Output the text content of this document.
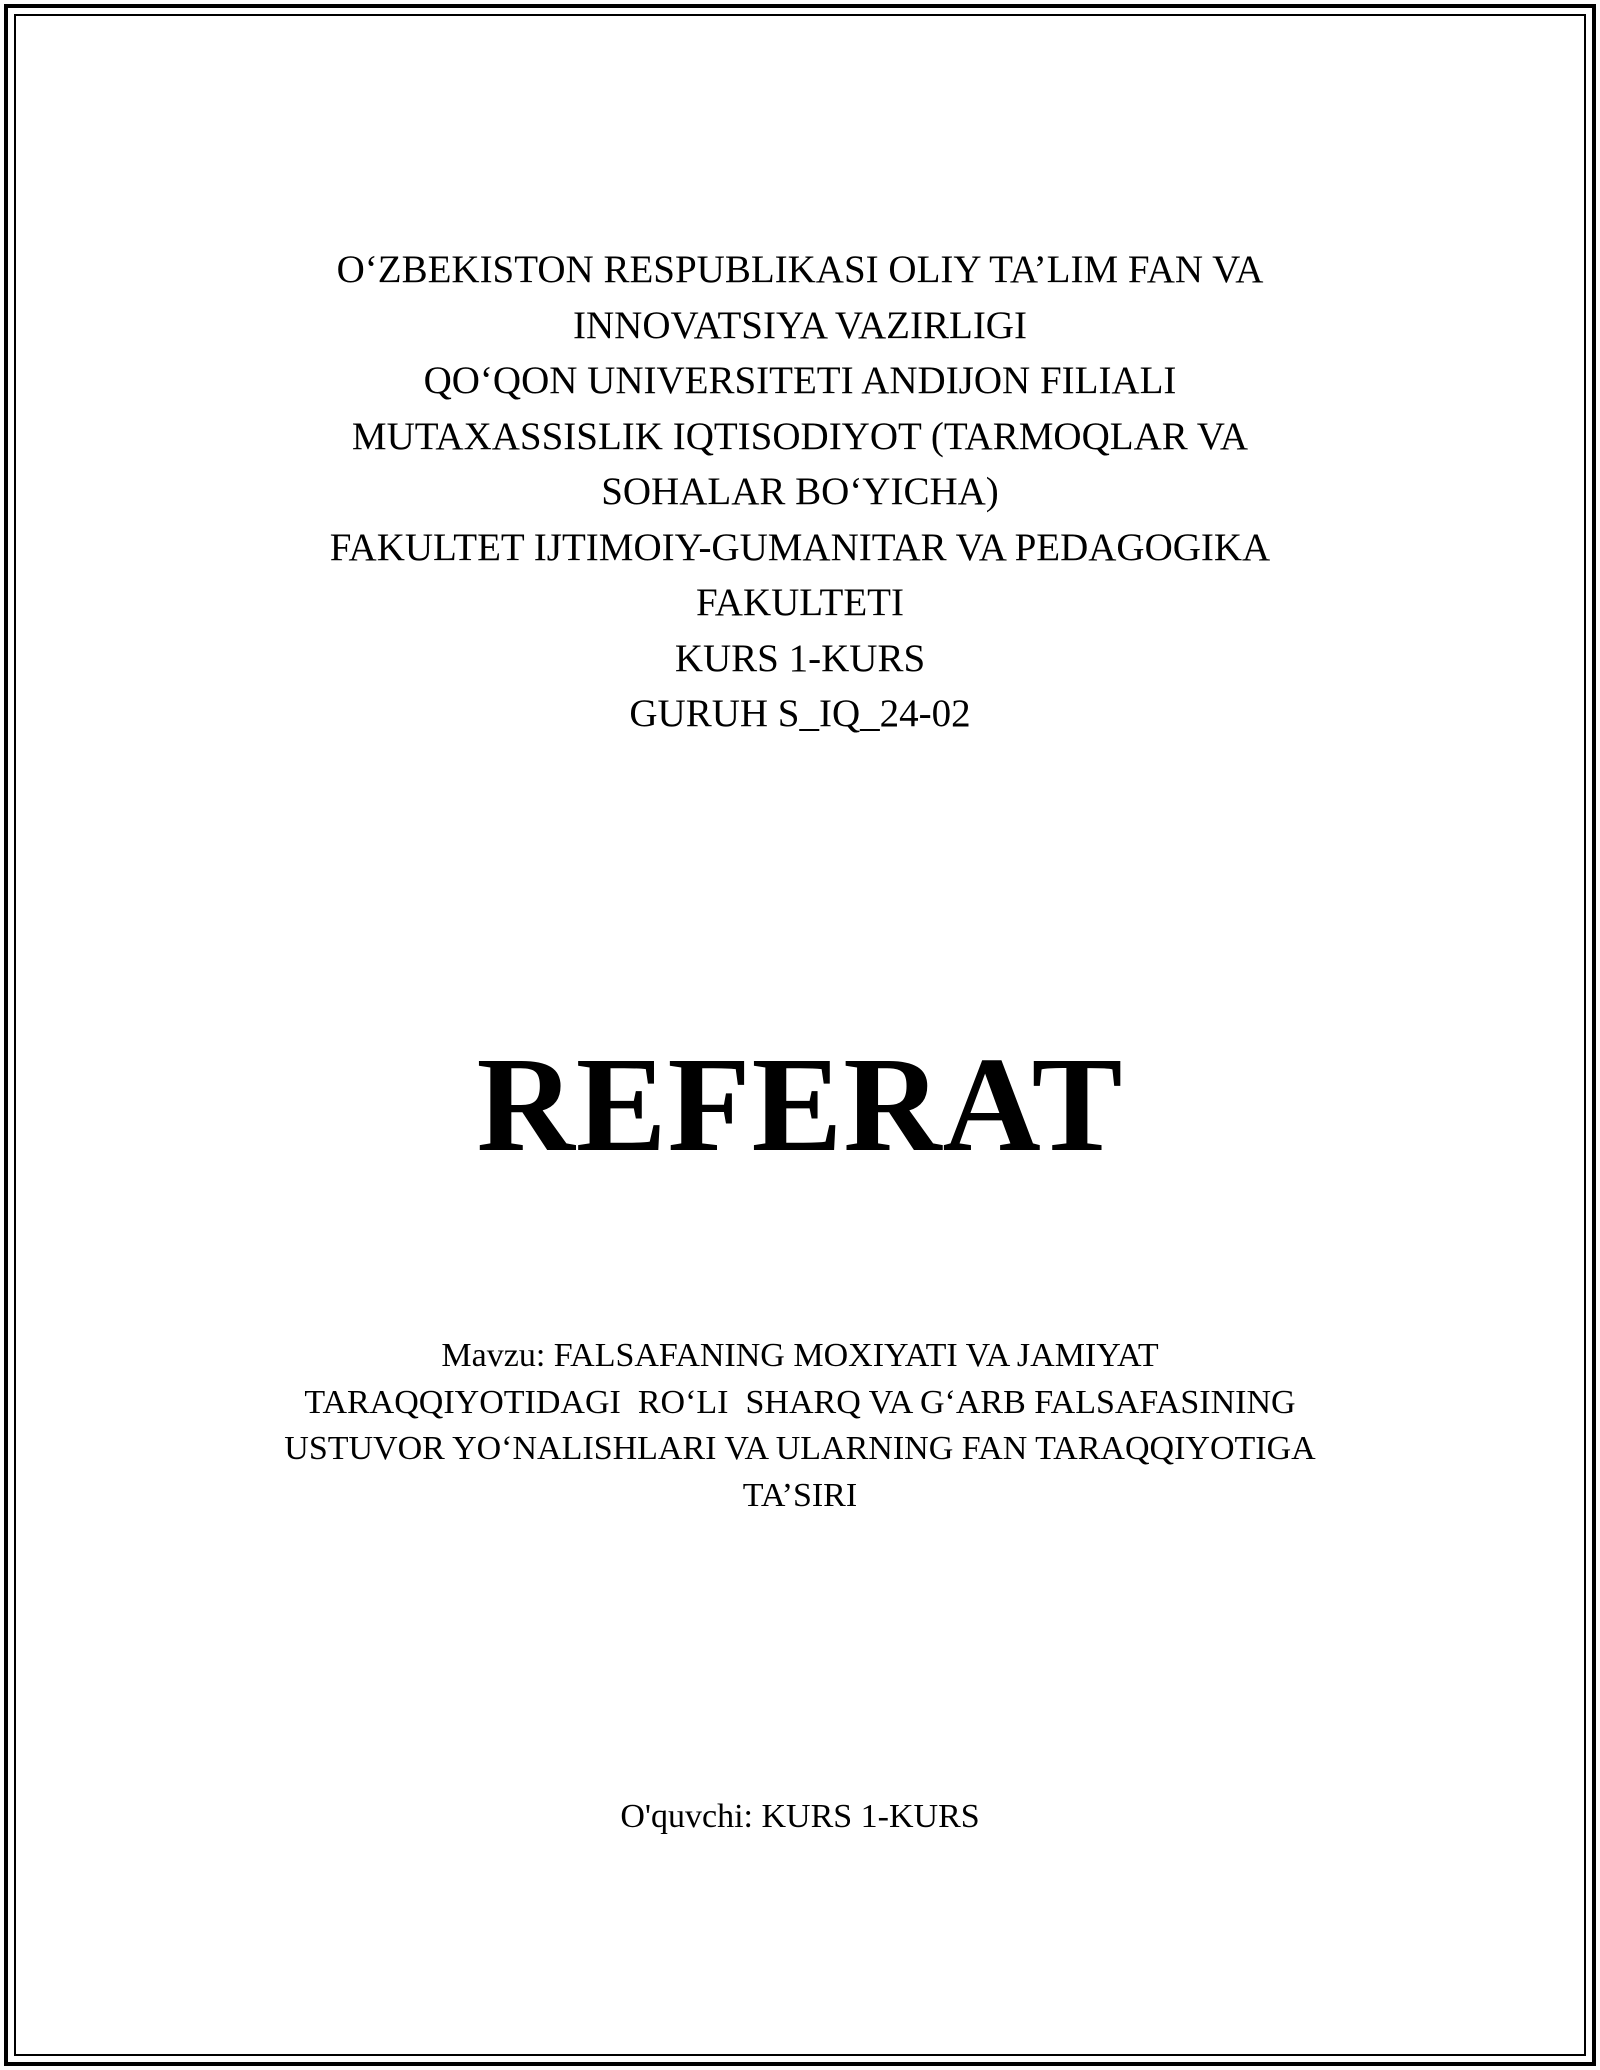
O‘ZBEKISTON RESPUBLIKASI OLIY TA’LIM FAN VA
INNOVATSIYA VAZIRLIGI
QO‘QON UNIVERSITETI ANDIJON FILIALI
MUTAXASSISLIK IQTISODIYOT (TARMOQLAR VA
SOHALAR BO‘YICHA)
FAKULTET IJTIMOIY-GUMANITAR VA PEDAGOGIKA
FAKULTETI
KURS 1-KURS
GURUH S_IQ_24-02
REFERAT
Mavzu: FALSAFANING MOXIYATI VA JAMIYAT
TARAQQIYOTIDAGI  RO‘LI  SHARQ VA G‘ARB FALSAFASINING
USTUVOR YO‘NALISHLARI VA ULARNING FAN TARAQQIYOTIGA
TA’SIRI
O'quvchi: KURS 1-KURS
